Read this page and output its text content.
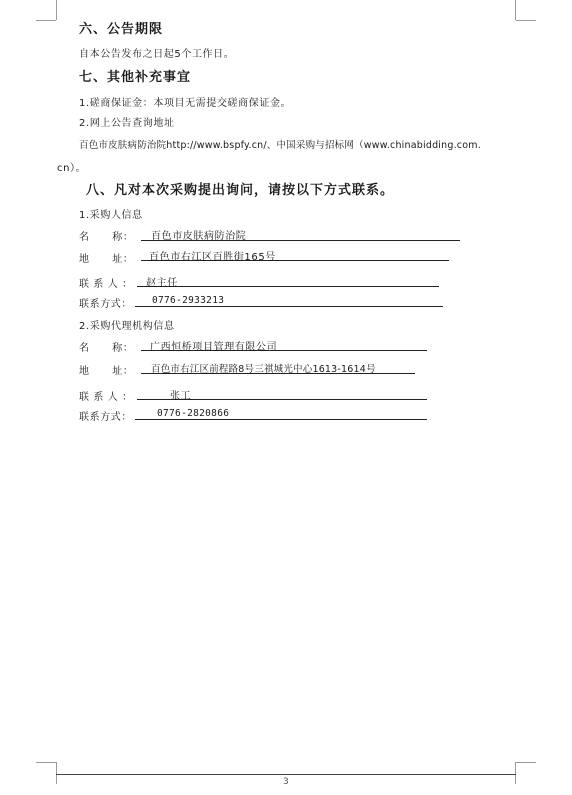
六、公告期限
自本公告发布之日起5个工作日。
七、其他补充事宜
1.磋商保证金：本项目无需提交磋商保证金。
2.网上公告查询地址
百色市皮肤病防治院http://www.bspfy.cn/、中国采购与招标网（www.chinabidding.com.
cn）。
八、凡对本次采购提出询问，请按以下方式联系。
1.采购人信息
名      称： 百色市皮肤病防治院
地      址： 百色市右江区百胜街165号
联 系 人 ： 赵主任
联系方式： 0776-2933213
2.采购代理机构信息
名      称： 广西恒桥项目管理有限公司
地      址： 百色市右江区前程路8号三祺城光中心1613-1614号
联 系 人 ：	张工
联系方式：	0776-2820866
3
